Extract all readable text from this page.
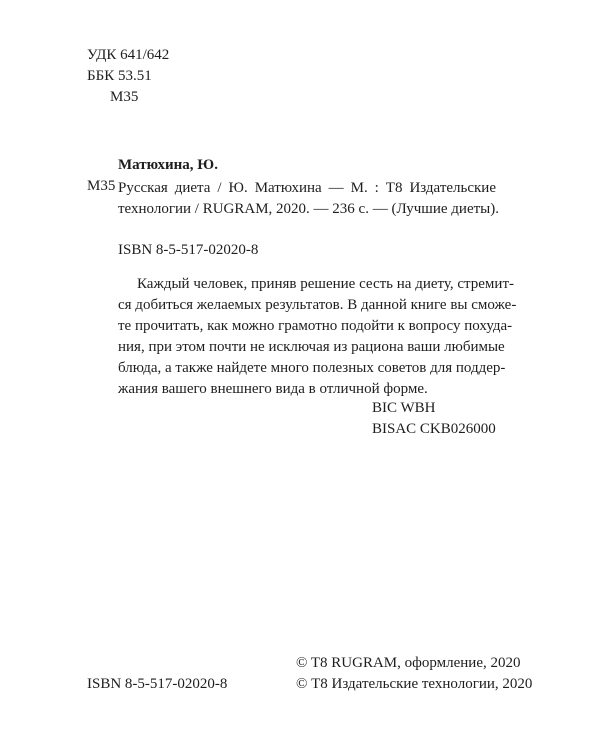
УДК 641/642
ББК 53.51
М35
Матюхина, Ю.
М35 Русская диета / Ю. Матюхина — М. : Т8 Издательские
технологии / RUGRAM, 2020. — 236 с. — (Лучшие диеты).
ISBN 8-5-517-02020-8
Каждый человек, приняв решение сесть на диету, стремит-
ся добиться желаемых результатов. В данной книге вы сможе-
те прочитать, как можно грамотно подойти к вопросу похуда-
ния, при этом почти не исключая из рациона ваши любимые
блюда, а также найдете много полезных советов для поддер-
жания вашего внешнего вида в отличной форме.
BIC WBH
BISAC CKB026000
ISBN 8-5-517-02020-8
© T8 RUGRAM, оформление, 2020
© Т8 Издательские технологии, 2020
